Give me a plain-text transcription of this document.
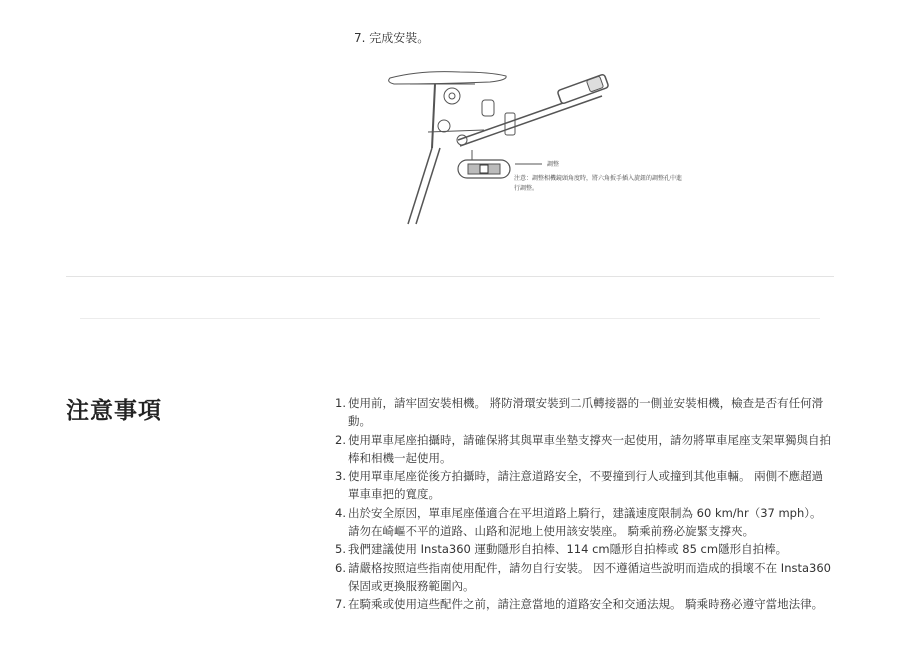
7. 完成安裝。
調整
注意：調整相機鏡頭角度時，將六角扳手插入旋鈕的調整孔中進行調整。
注意事項	1. 使用前，請牢固安裝相機。 將防滑環安裝到二爪轉接器的一側並安裝相機，檢查是否有任何滑動。
2. 使用單車尾座拍攝時，請確保將其與單車坐墊支撐夾一起使用，請勿將單車尾座支架單獨與自拍棒和相機一起使用。
3. 使用單車尾座從後方拍攝時，請注意道路安全，不要撞到行人或撞到其他車輛。 兩側不應超過單車車把的寬度。
4. 出於安全原因，單車尾座僅適合在平坦道路上騎行，建議速度限制為 60 km/hr（37 mph）。請勿在崎嶇不平的道路、山路和泥地上使用該安裝座。 騎乘前務必旋緊支撐夾。
5. 我們建議使用 Insta360 運動隱形自拍棒、114 cm隱形自拍棒或 85 cm隱形自拍棒。
6. 請嚴格按照這些指南使用配件，請勿自行安裝。 因不遵循這些說明而造成的損壞不在 Insta360 保固或更換服務範圍內。
7. 在騎乘或使用這些配件之前，請注意當地的道路安全和交通法規。 騎乘時務必遵守當地法律。
